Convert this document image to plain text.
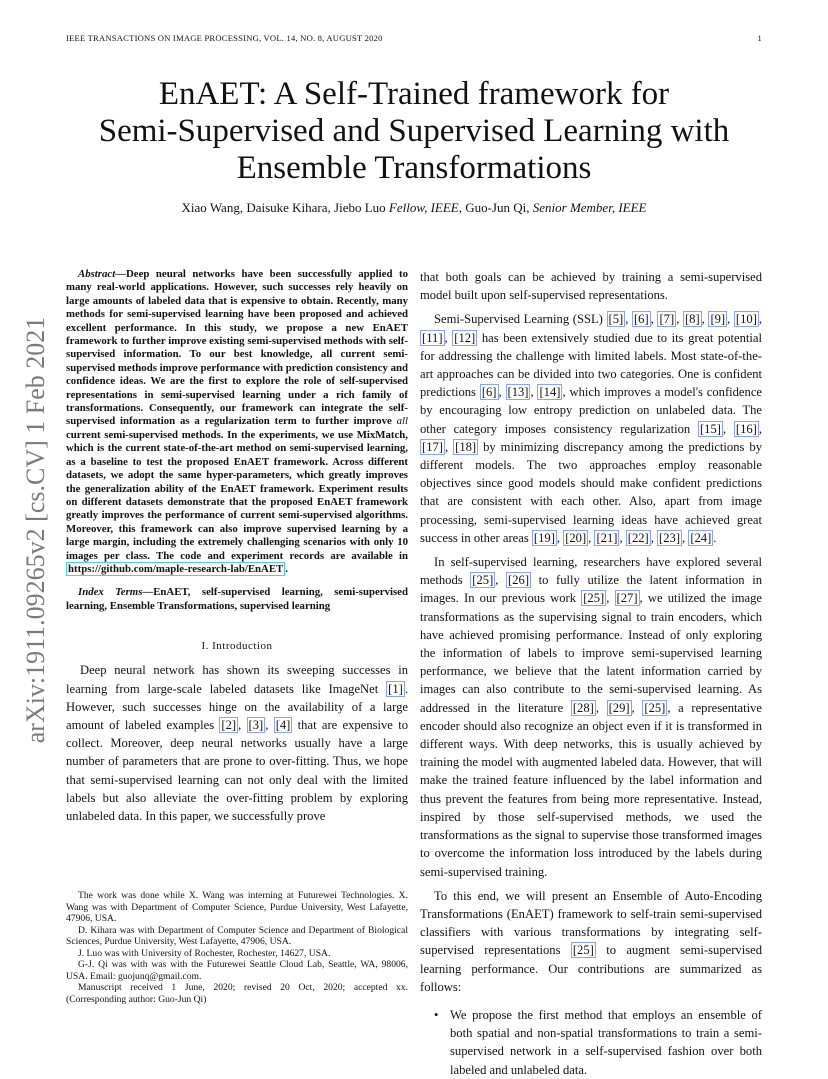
IEEE TRANSACTIONS ON IMAGE PROCESSING, VOL. 14, NO. 8, AUGUST 2020	1
arXiv:1911.09265v2 [cs.CV] 1 Feb 2021
EnAET: A Self-Trained framework for
Semi-Supervised and Supervised Learning with
Ensemble Transformations
Xiao Wang, Daisuke Kihara, Jiebo Luo Fellow, IEEE, Guo-Jun Qi, Senior Member, IEEE

Abstract—Deep neural networks have been successfully applied to many real-world applications. However, such successes rely heavily on large amounts of labeled data that is expensive to obtain. Recently, many methods for semi-supervised learning have been proposed and achieved excellent performance. In this study, we propose a new EnAET framework to further improve existing semi-supervised methods with self-supervised information. To our best knowledge, all current semi-supervised methods improve performance with prediction consistency and confidence ideas. We are the first to explore the role of self-supervised representations in semi-supervised learning under a rich family of transformations. Consequently, our framework can integrate the self-supervised information as a regularization term to further improve all current semi-supervised methods. In the experiments, we use MixMatch, which is the current state-of-the-art method on semi-supervised learning, as a baseline to test the proposed EnAET framework. Across different datasets, we adopt the same hyper-parameters, which greatly improves the generalization ability of the EnAET framework. Experiment results on different datasets demonstrate that the proposed EnAET framework greatly improves the performance of current semi-supervised algorithms. Moreover, this framework can also improve supervised learning by a large margin, including the extremely challenging scenarios with only 10 images per class. The code and experiment records are available in https://github.com/maple-research-lab/EnAET .

Index Terms—EnAET, self-supervised learning, semi-supervised learning, Ensemble Transformations, supervised learning

I. Introduction

Deep neural network has shown its sweeping successes in learning from large-scale labeled datasets like ImageNet [1] . However, such successes hinge on the availability of a large amount of labeled examples [2] , [3] , [4] that are expensive to collect. Moreover, deep neural networks usually have a large number of parameters that are prone to over-fitting. Thus, we hope that semi-supervised learning can not only deal with the limited labels but also alleviate the over-fitting problem by exploring unlabeled data. In this paper, we successfully prove

The work was done while X. Wang was interning at Futurewei Technologies. X. Wang was with Department of Computer Science, Purdue University, West Lafayette, 47906, USA.

D. Kihara was with Department of Computer Science and Department of Biological Sciences, Purdue University, West Lafayette, 47906, USA.

J. Luo was with University of Rochester, Rochester, 14627, USA.

G-J. Qi was with was with the Futurewei Seattle Cloud Lab, Seattle, WA, 98006, USA. Email: guojunq@gmail.com.

Manuscript received 1 June, 2020; revised 20 Oct, 2020; accepted xx. (Corresponding author: Guo-Jun Qi)

that both goals can be achieved by training a semi-supervised model built upon self-supervised representations.

Semi-Supervised Learning (SSL) [5] , [6] , [7] , [8] , [9] , [10] , [11] , [12] has been extensively studied due to its great potential for addressing the challenge with limited labels. Most state-of-the-art approaches can be divided into two categories. One is confident predictions [6] , [13] , [14] , which improves a model's confidence by encouraging low entropy prediction on unlabeled data. The other category imposes consistency regularization [15] , [16] , [17] , [18] by minimizing discrepancy among the predictions by different models. The two approaches employ reasonable objectives since good models should make confident predictions that are consistent with each other. Also, apart from image processing, semi-supervised learning ideas have achieved great success in other areas [19] , [20] , [21] , [22] , [23] , [24] .

In self-supervised learning, researchers have explored several methods [25] , [26] to fully utilize the latent information in images. In our previous work [25] , [27] , we utilized the image transformations as the supervising signal to train encoders, which have achieved promising performance. Instead of only exploring the information of labels to improve semi-supervised learning performance, we believe that the latent information carried by images can also contribute to the semi-supervised learning. As addressed in the literature [28] , [29] , [25] , a representative encoder should also recognize an object even if it is transformed in different ways. With deep networks, this is usually achieved by training the model with augmented labeled data. However, that will make the trained feature influenced by the label information and thus prevent the features from being more representative. Instead, inspired by those self-supervised methods, we used the transformations as the signal to supervise those transformed images to overcome the information loss introduced by the labels during semi-supervised training.

To this end, we will present an Ensemble of Auto-Encoding Transformations (EnAET) framework to self-train semi-supervised classifiers with various transformations by integrating self-supervised representations [25] to augment semi-supervised learning performance. Our contributions are summarized as follows:

• We propose the first method that employs an ensemble of both spatial and non-spatial transformations to train a semi-supervised network in a self-supervised fashion over both labeled and unlabeled data.
